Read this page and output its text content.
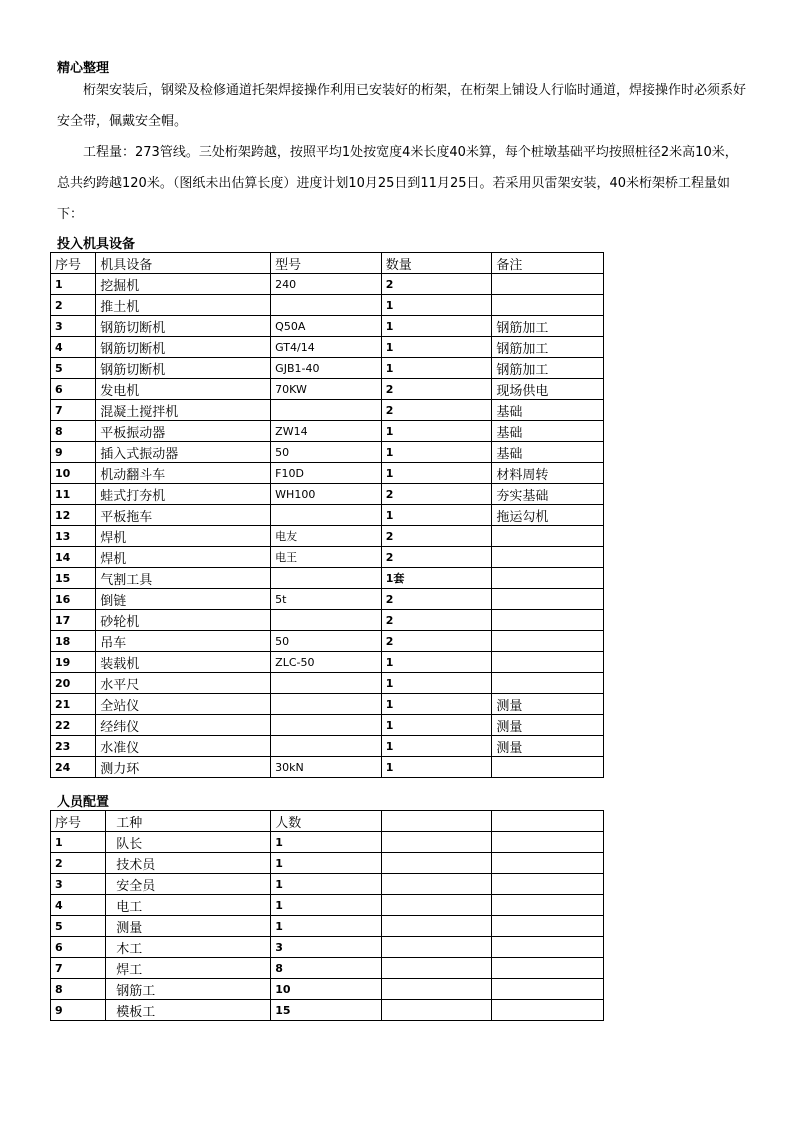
精心整理
桁架安装后，钢梁及检修通道托架焊接操作利用已安装好的桁架，在桁架上铺设人行临时通道，焊接操作时必须系好安全带，佩戴安全帽。
工程量：273管线。三处桁架跨越，按照平均1处按宽度4米长度40米算，每个桩墩基础平均按照桩径2米高10米，总共约跨越120米。（图纸未出估算长度）进度计划10月25日到11月25日。若采用贝雷架安装，40米桁架桥工程量如下：
投入机具设备
序号	机具设备	型号	数量	备注
1	挖掘机	240	2	
2	推土机		1	
3	钢筋切断机	Q50A	1	钢筋加工
4	钢筋切断机	GT4/14	1	钢筋加工
5	钢筋切断机	GJB1-40	1	钢筋加工
6	发电机	70KW	2	现场供电
7	混凝土搅拌机		2	基础
8	平板振动器	ZW14	1	基础
9	插入式振动器	50	1	基础
10	机动翻斗车	F10D	1	材料周转
11	蛙式打夯机	WH100	2	夯实基础
12	平板拖车		1	拖运勾机
13	焊机	电友	2	
14	焊机	电王	2	
15	气割工具		1套	
16	倒链	5t	2	
17	砂轮机		2	
18	吊车	50	2	
19	装载机	ZLC-50	1	
20	水平尺		1	
21	全站仪		1	测量
22	经纬仪		1	测量
23	水准仪		1	测量
24	测力环	30kN	1	
人员配置
序号	工种	人数		
1	队长	1		
2	技术员	1		
3	安全员	1		
4	电工	1		
5	测量	1		
6	木工	3		
7	焊工	8		
8	钢筋工	10		
9	模板工	15		
